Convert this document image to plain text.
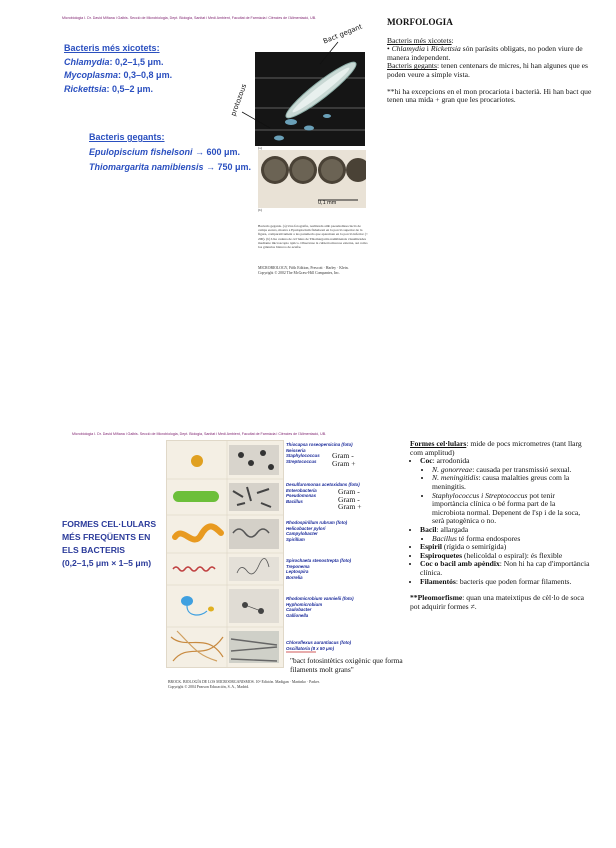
Microbiologia I. Dr. David Miñana i Galbis. Secció de Microbiologia, Dept. Biologia, Sanitat i Medi Ambient, Facultat de Farmàcia i Ciències de l'Alimentació, UB.
Bacteris més xicotets:
Chlamydia: 0,2–1,5 μm.
Mycoplasma: 0,3–0,8 μm.
Rickettsia: 0,5–2 μm.
Bacteris gegants:
Epulopiscium fishelsoni → 600 μm.
Thiomargarita namibiensis → 750 μm.
(a)
0,1 mm
(b)
Bacteris gegants. (a) Una fotografia, realitzada amb pseudodissociació de camps escurs, mostra a Epulopiscium fishelsoni en la porció superior de la figura, comparativament a les paramecis que apareixen en la porció inferior (× 200). (b) Una cadena de cèl·lules de Thiomargarita namibiensis visualitzades mediante microscopio óptico. Observese la cubierta mucosa externa, así como los gránulos blancos de azufre.
MICROBIOLOGY, Fifth Edition, Prescott · Harley · Klein.
Copyright © 2002 The McGraw-Hill Companies, Inc.
Bact gegant
protozous

MORFOLOGIA

Bacteris més xicotets:

• Chlamydia i Rickettsia són paràsits obligats, no poden viure de manera independent.

Bacteris gegants: tenen centenars de micres, hi han algunes que es poden veure a simple vista.

**hi ha excepcions en el mon procariota i bacterià. Hi han bact que tenen una mida + gran que les procariotes.

Microbiologia I. Dr. David Miñana i Galbis. Secció de Microbiologia, Dept. Biologia, Sanitat i Medi Ambient, Facultat de Farmàcia i Ciències de l'Alimentació, UB.
FORMES CEL·LULARS
MÉS FREQÜENTS EN
ELS BACTERIS
(0,2–1,5 μm × 1–5 μm)
Thiocapsa roseopersicina (foto)
Neisseria
Staphylococcus
Streptococcus
Desulfuromonas acetoxidans (foto)
Enterobacteria
Pseudomonas
Bacillus
Rhodospirillum rubrum (foto)
Helicobacter pylori
Campylobacter
Spirillum
Spirochaeta stenostrepta (foto)
Treponema
Leptospira
Borrelia
Rhodomicrobium vannielii (foto)
Hyphomicrobium
Caulobacter
Gallionella
Chloroflexus aurantiacus (foto)
Oscillatoria (8 x 50 μm)
Gram -
Gram +
Gram -
Gram -
Gram +
"bact fotosintètics oxigènic que forma filaments molt grans"
BROCK. BIOLOGÍA DE LOS MICROORGANISMOS. 10ª Edición. Madigan · Martinko · Parker.
Copyright © 2004 Pearson Educación, S. A., Madrid.

Formes cel·lulars: mide de pocs micrometres (tant llarg com amplitud)

• Coc: arrodonida
• N. gonorreae: causada per transmissió sexual.
• N. meningitidis: causa malalties greus com la meningitis.
• Staphylococcus i Streptococcus pot tenir importància clínica o bé forma part de la microbiota normal. Depenent de l'sp i de la soca, serà patogènica o no.
• Bacil: allargada
• Bacillus té forma endospores
• Espiril (rígida o semirígida)
• Espiroquetes (helicoïdal o espiral): és flexible
• Coc o bacil amb apèndix: Non hi ha cap d'importància clínica.
• Filamentós: bacteris que poden formar filaments.

**Pleomorfisme: quan una mateixtipus de cèl·lo de soca pot adquirir formes ≠.
